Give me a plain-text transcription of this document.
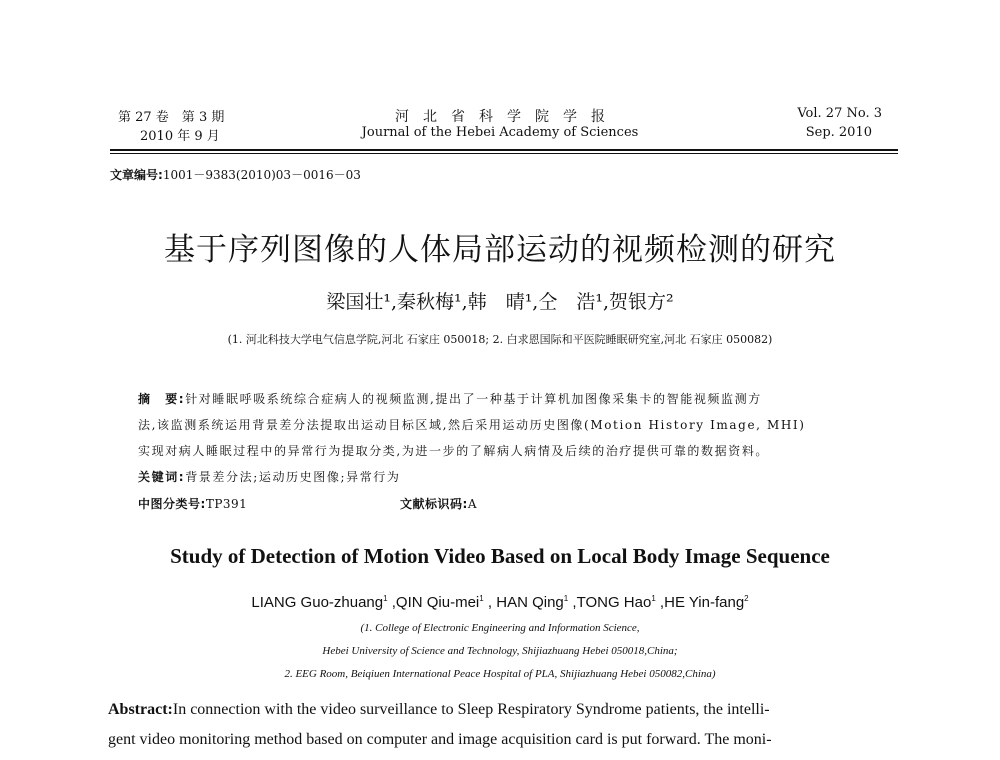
第 27 卷　第 3 期
2010 年 9 月
河　北　省　科　学　院　学　报
Journal of the Hebei Academy of Sciences
Vol. 27 No. 3
Sep. 2010
文章编号:1001－9383(2010)03－0016－03
基于序列图像的人体局部运动的视频检测的研究
梁国壮¹,秦秋梅¹,韩　晴¹,仝　浩¹,贺银方²
(1. 河北科技大学电气信息学院,河北 石家庄 050018; 2. 白求恩国际和平医院睡眠研究室,河北 石家庄 050082)
摘　要:针对睡眠呼吸系统综合症病人的视频监测,提出了一种基于计算机加图像采集卡的智能视频监测方
法,该监测系统运用背景差分法提取出运动目标区域,然后采用运动历史图像(Motion History Image, MHI)
实现对病人睡眠过程中的异常行为提取分类,为进一步的了解病人病情及后续的治疗提供可靠的数据资料。
关键词:背景差分法;运动历史图像;异常行为
中图分类号:TP391	文献标识码:A
Study of Detection of Motion Video Based on Local Body Image Sequence
LIANG Guo-zhuang$^1$ ,QIN Qiu-mei$^1$ , HAN Qing$^1$ ,TONG Hao$^1$ ,HE Yin-fang$^2$
(1. College of Electronic Engineering and Information Science,
Hebei University of Science and Technology, Shijiazhuang Hebei 050018,China;
2. EEG Room, Beiqiuen International Peace Hospital of PLA, Shijiazhuang Hebei 050082,China)
Abstract:In connection with the video surveillance to Sleep Respiratory Syndrome patients, the intelli-
gent video monitoring method based on computer and image acquisition card is put forward. The moni-
